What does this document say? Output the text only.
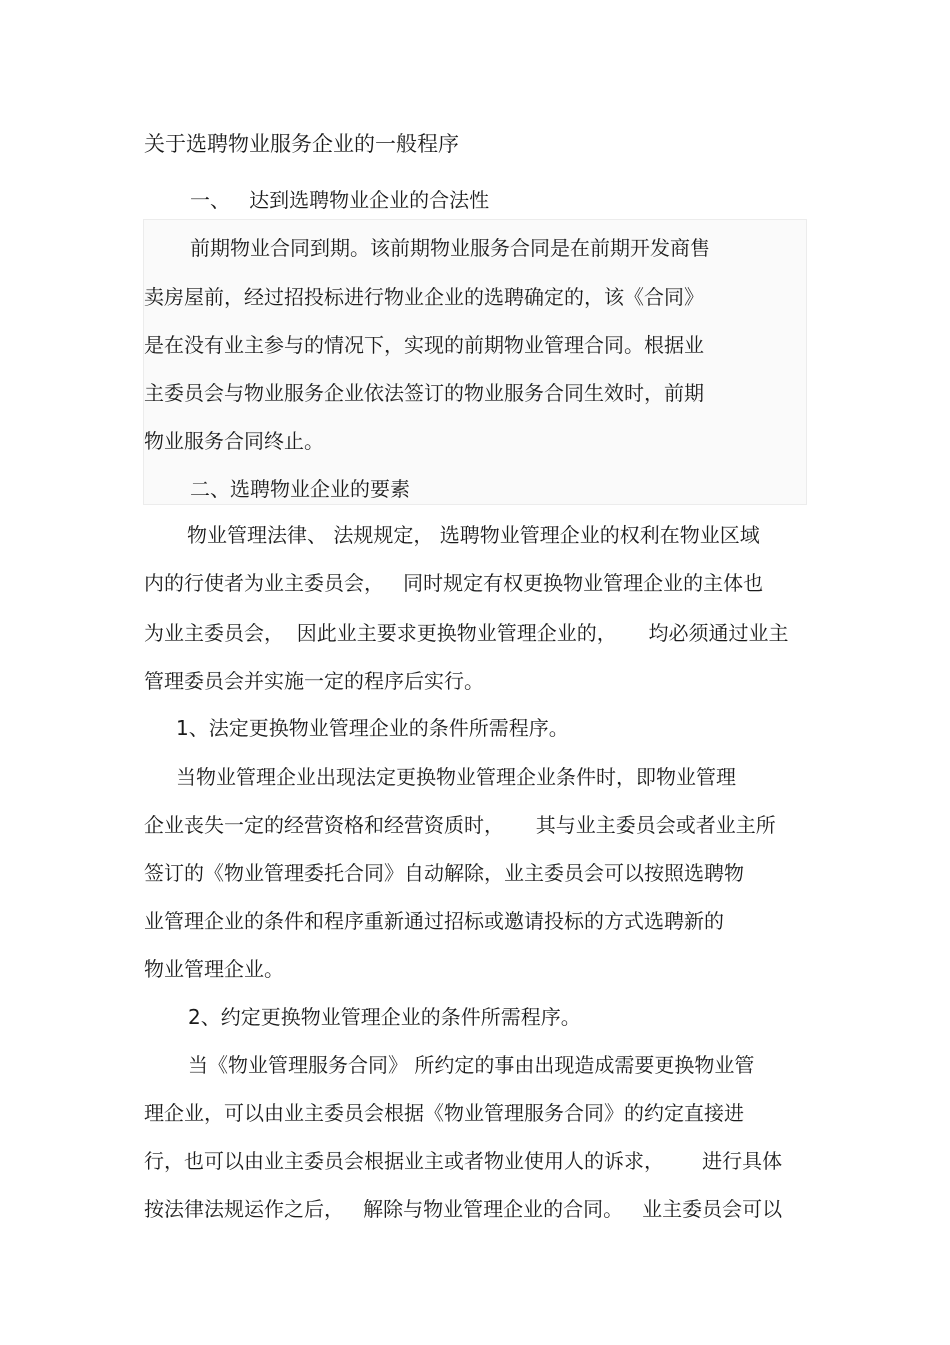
关于选聘物业服务企业的一般程序

一、   达到选聘物业企业的合法性

前期物业合同到期。该前期物业服务合同是在前期开发商售

卖房屋前，经过招投标进行物业企业的选聘确定的，该《合同》

是在没有业主参与的情况下，实现的前期物业管理合同。根据业

主委员会与物业服务企业依法签订的物业服务合同生效时，前期

物业服务合同终止。

二、选聘物业企业的要素

物业管理法律、 法规规定， 选聘物业管理企业的权利在物业区域

内的行使者为业主委员会，   同时规定有权更换物业管理企业的主体也

为业主委员会，  因此业主要求更换物业管理企业的，     均必须通过业主

管理委员会并实施一定的程序后实行。

1、法定更换物业管理企业的条件所需程序。

当物业管理企业出现法定更换物业管理企业条件时，即物业管理

企业丧失一定的经营资格和经营资质时，     其与业主委员会或者业主所

签订的《物业管理委托合同》自动解除，业主委员会可以按照选聘物

业管理企业的条件和程序重新通过招标或邀请投标的方式选聘新的

物业管理企业。

2、约定更换物业管理企业的条件所需程序。

当《物业管理服务合同》 所约定的事由出现造成需要更换物业管

理企业，可以由业主委员会根据《物业管理服务合同》的约定直接进

行，也可以由业主委员会根据业主或者物业使用人的诉求，      进行具体

按法律法规运作之后，   解除与物业管理企业的合同。   业主委员会可以
